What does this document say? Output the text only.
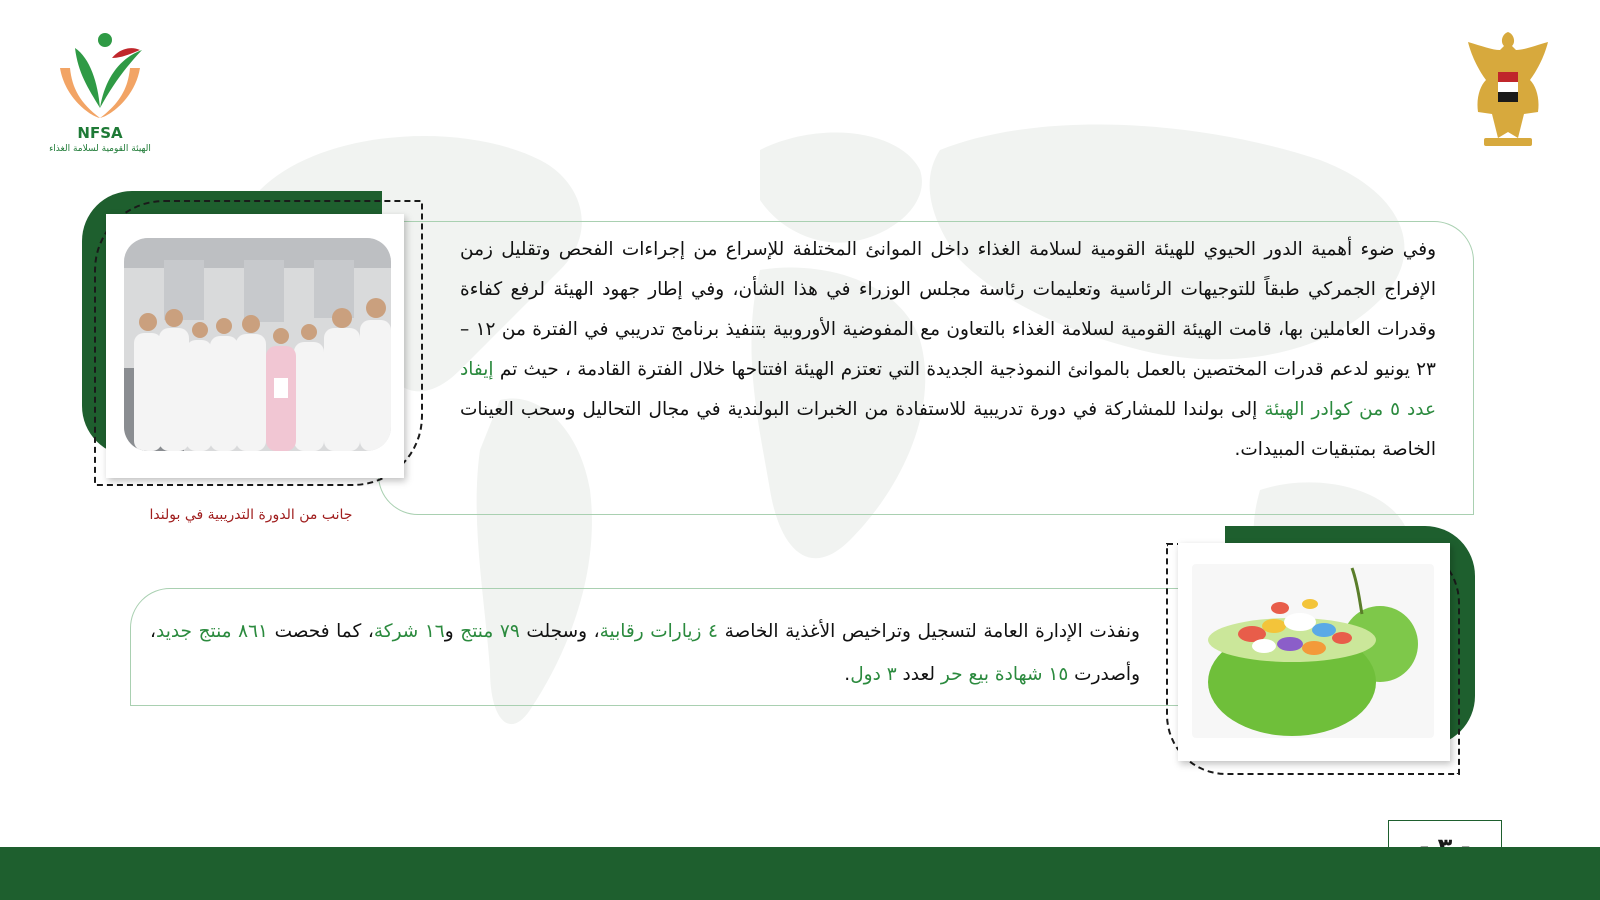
NFSA
الهيئة القومية لسلامة الغذاء
جانب من الدورة التدريبية في بولندا
وفي ضوء أهمية الدور الحيوي للهيئة القومية لسلامة الغذاء داخل الموانئ المختلفة للإسراع من إجراءات الفحص وتقليل زمن الإفراج الجمركي طبقاً للتوجيهات الرئاسية وتعليمات رئاسة مجلس الوزراء في هذا الشأن، وفي إطار جهود الهيئة لرفع كفاءة وقدرات العاملين بها، قامت الهيئة القومية لسلامة الغذاء بالتعاون مع المفوضية الأوروبية بتنفيذ برنامج تدريبي في الفترة من ١٢ – ٢٣ يونيو لدعم قدرات المختصين بالعمل بالموانئ النموذجية الجديدة التي تعتزم الهيئة افتتاحها خلال الفترة القادمة ، حيث تم إيفاد عدد ٥ من كوادر الهيئة إلى بولندا للمشاركة في دورة تدريبية للاستفادة من الخبرات البولندية في مجال التحاليل وسحب العينات الخاصة بمتبقيات المبيدات.
ونفذت الإدارة العامة لتسجيل وتراخيص الأغذية الخاصة ٤ زيارات رقابية، وسجلت ٧٩ منتج و١٦ شركة، كما فحصت ٨٦١ منتج جديد، وأصدرت ١٥ شهادة بيع حر لعدد ٣ دول.
